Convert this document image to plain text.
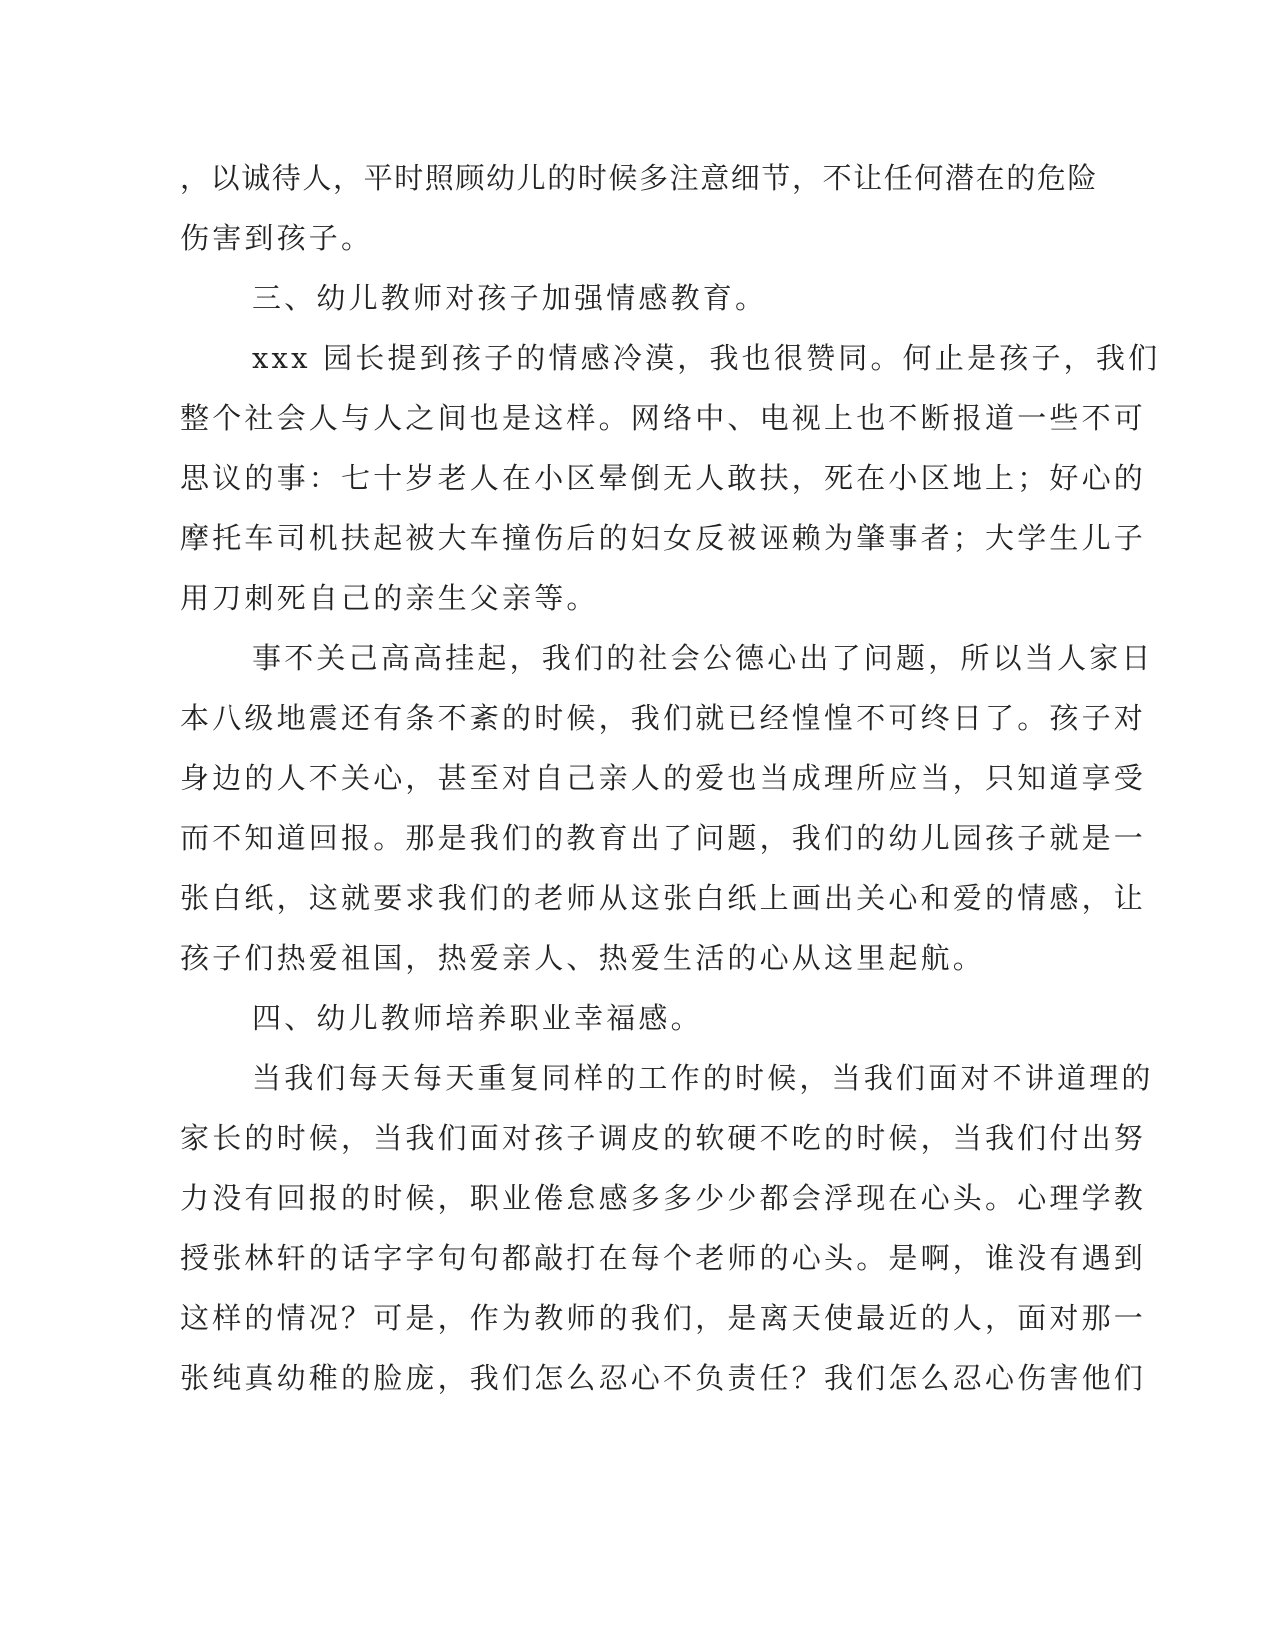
，以诚待人，平时照顾幼儿的时候多注意细节，不让任何潜在的危险
伤害到孩子。
三、幼儿教师对孩子加强情感教育。
xxx 园长提到孩子的情感冷漠，我也很赞同。何止是孩子，我们
整个社会人与人之间也是这样。网络中、电视上也不断报道一些不可
思议的事：七十岁老人在小区晕倒无人敢扶，死在小区地上；好心的
摩托车司机扶起被大车撞伤后的妇女反被诬赖为肇事者；大学生儿子
用刀刺死自己的亲生父亲等。
事不关己高高挂起，我们的社会公德心出了问题，所以当人家日
本八级地震还有条不紊的时候，我们就已经惶惶不可终日了。孩子对
身边的人不关心，甚至对自己亲人的爱也当成理所应当，只知道享受
而不知道回报。那是我们的教育出了问题，我们的幼儿园孩子就是一
张白纸，这就要求我们的老师从这张白纸上画出关心和爱的情感，让
孩子们热爱祖国，热爱亲人、热爱生活的心从这里起航。
四、幼儿教师培养职业幸福感。
当我们每天每天重复同样的工作的时候，当我们面对不讲道理的
家长的时候，当我们面对孩子调皮的软硬不吃的时候，当我们付出努
力没有回报的时候，职业倦怠感多多少少都会浮现在心头。心理学教
授张林轩的话字字句句都敲打在每个老师的心头。是啊，谁没有遇到
这样的情况？可是，作为教师的我们，是离天使最近的人，面对那一
张纯真幼稚的脸庞，我们怎么忍心不负责任？我们怎么忍心伤害他们
